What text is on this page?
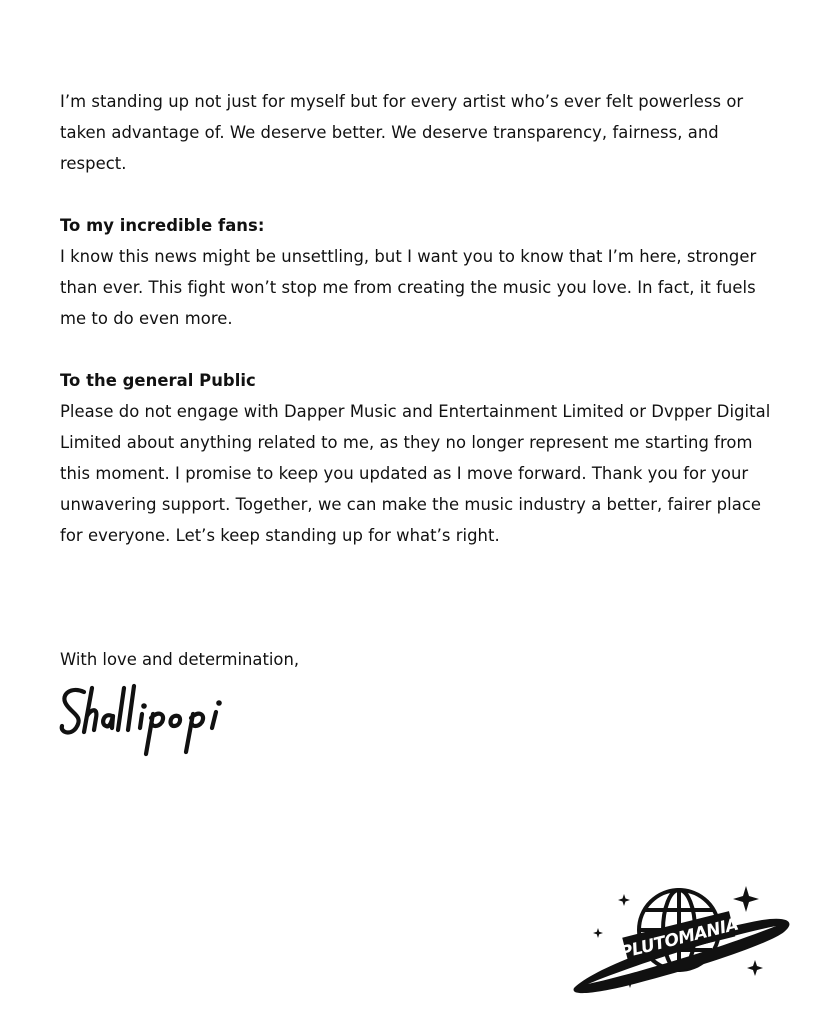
I’m standing up not just for myself but for every artist who’s ever felt powerless or taken advantage of. We deserve better. We deserve transparency, fairness, and respect.

To my incredible fans:

I know this news might be unsettling, but I want you to know that I’m here, stronger than ever. This fight won’t stop me from creating the music you love. In fact, it fuels me to do even more.

To the general Public

Please do not engage with Dapper Music and Entertainment Limited or Dvpper Digital Limited about anything related to me, as they no longer represent me starting from this moment. I promise to keep you updated as I move forward. Thank you for your unwavering support. Together, we can make the music industry a better, fairer place for everyone. Let’s keep standing up for what’s right.

With love and determination,

PLUTOMANIA
